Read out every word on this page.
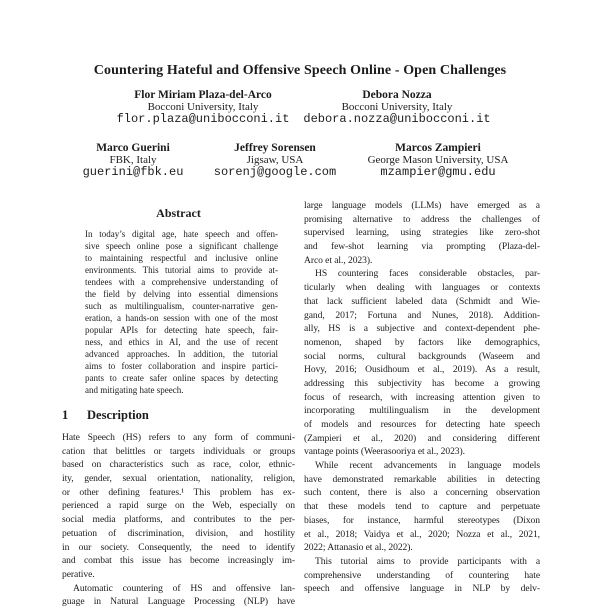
Countering Hateful and Offensive Speech Online - Open Challenges
Flor Miriam Plaza-del-Arco
Bocconi University, Italy
flor.plaza@unibocconi.it
Debora Nozza
Bocconi University, Italy
debora.nozza@unibocconi.it
Marco Guerini
FBK, Italy
guerini@fbk.eu
Jeffrey Sorensen
Jigsaw, USA
sorenj@google.com
Marcos Zampieri
George Mason University, USA
mzampier@gmu.edu
Abstract
In today’s digital age, hate speech and offen-
sive speech online pose a significant challenge
to maintaining respectful and inclusive online
environments. This tutorial aims to provide at-
tendees with a comprehensive understanding of
the field by delving into essential dimensions
such as multilingualism, counter-narrative gen-
eration, a hands-on session with one of the most
popular APIs for detecting hate speech, fair-
ness, and ethics in AI, and the use of recent
advanced approaches. In addition, the tutorial
aims to foster collaboration and inspire partici-
pants to create safer online spaces by detecting
and mitigating hate speech.
1	Description
Hate Speech (HS) refers to any form of communi-
cation that belittles or targets individuals or groups
based on characteristics such as race, color, ethnic-
ity, gender, sexual orientation, nationality, religion,
or other defining features.¹ This problem has ex-
perienced a rapid surge on the Web, especially on
social media platforms, and contributes to the per-
petuation of discrimination, division, and hostility
in our society. Consequently, the need to identify
and combat this issue has become increasingly im-
perative.
Automatic countering of HS and offensive lan-
guage in Natural Language Processing (NLP) have
large language models (LLMs) have emerged as a
promising alternative to address the challenges of
supervised learning, using strategies like zero-shot
and few-shot learning via prompting (Plaza-del-
Arco et al., 2023).
HS countering faces considerable obstacles, par-
ticularly when dealing with languages or contexts
that lack sufficient labeled data (Schmidt and Wie-
gand, 2017; Fortuna and Nunes, 2018). Addition-
ally, HS is a subjective and context-dependent phe-
nomenon, shaped by factors like demographics,
social norms, cultural backgrounds (Waseem and
Hovy, 2016; Ousidhoum et al., 2019). As a result,
addressing this subjectivity has become a growing
focus of research, with increasing attention given to
incorporating multilingualism in the development
of models and resources for detecting hate speech
(Zampieri et al., 2020) and considering different
vantage points (Weerasooriya et al., 2023).
While recent advancements in language models
have demonstrated remarkable abilities in detecting
such content, there is also a concerning observation
that these models tend to capture and perpetuate
biases, for instance, harmful stereotypes (Dixon
et al., 2018; Vaidya et al., 2020; Nozza et al., 2021,
2022; Attanasio et al., 2022).
This tutorial aims to provide participants with a
comprehensive understanding of countering hate
speech and offensive language in NLP by delv-
